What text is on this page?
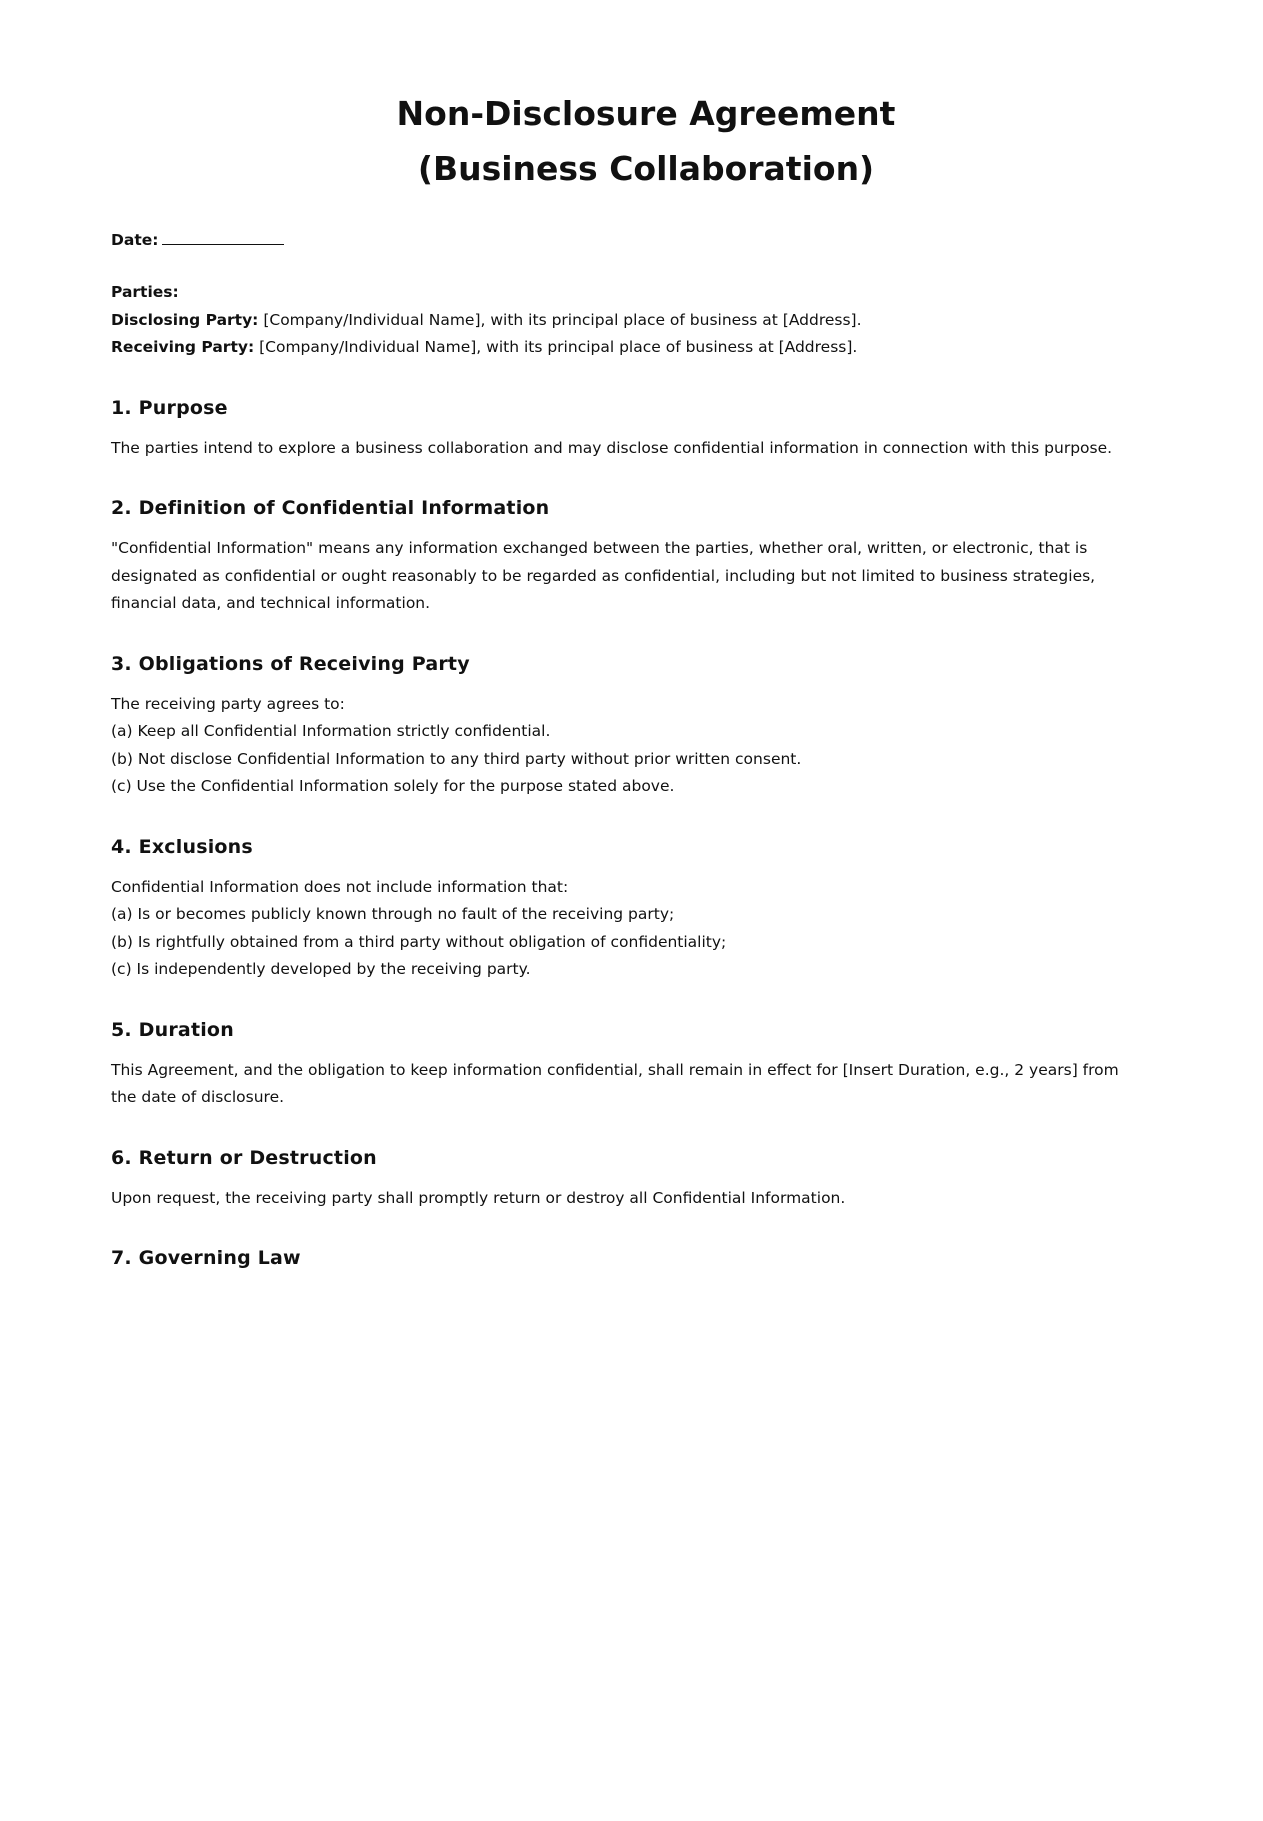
Non-Disclosure Agreement
(Business Collaboration)
Date:
Parties:
Disclosing Party: [Company/Individual Name], with its principal place of business at [Address].
Receiving Party: [Company/Individual Name], with its principal place of business at [Address].
1. Purpose

The parties intend to explore a business collaboration and may disclose confidential information in connection with this purpose.

2. Definition of Confidential Information

"Confidential Information" means any information exchanged between the parties, whether oral, written, or electronic, that is designated as confidential or ought reasonably to be regarded as confidential, including but not limited to business strategies, financial data, and technical information.

3. Obligations of Receiving Party
The receiving party agrees to:
(a) Keep all Confidential Information strictly confidential.
(b) Not disclose Confidential Information to any third party without prior written consent.
(c) Use the Confidential Information solely for the purpose stated above.
4. Exclusions
Confidential Information does not include information that:
(a) Is or becomes publicly known through no fault of the receiving party;
(b) Is rightfully obtained from a third party without obligation of confidentiality;
(c) Is independently developed by the receiving party.
5. Duration

This Agreement, and the obligation to keep information confidential, shall remain in effect for [Insert Duration, e.g., 2 years] from the date of disclosure.

6. Return or Destruction

Upon request, the receiving party shall promptly return or destroy all Confidential Information.

7. Governing Law
